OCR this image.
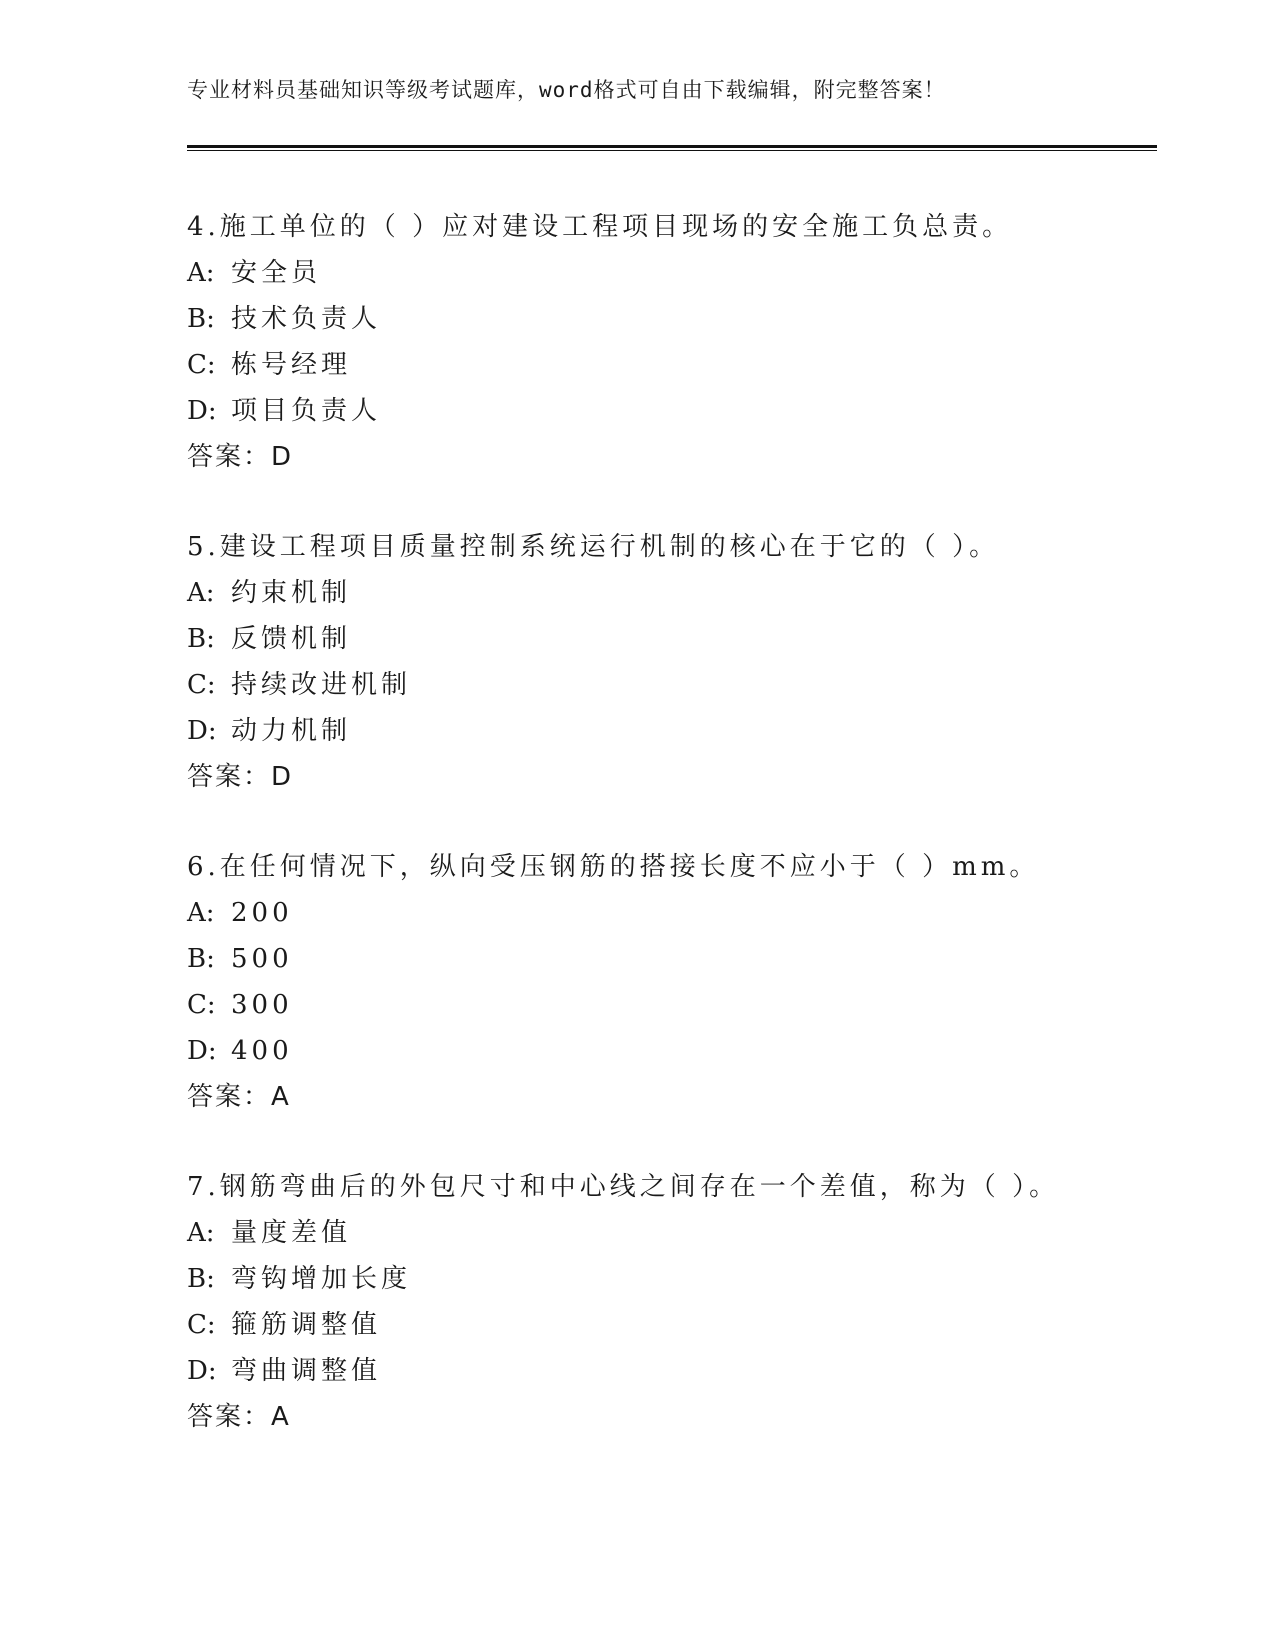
专业材料员基础知识等级考试题库，word格式可自由下载编辑，附完整答案！
4.施工单位的（ ）应对建设工程项目现场的安全施工负总责。
A: 安全员
B: 技术负责人
C: 栋号经理
D: 项目负责人
答案：D
5.建设工程项目质量控制系统运行机制的核心在于它的（ ）。
A: 约束机制
B: 反馈机制
C: 持续改进机制
D: 动力机制
答案：D
6.在任何情况下，纵向受压钢筋的搭接长度不应小于（ ）mm。
A: 200
B: 500
C: 300
D: 400
答案：A
7.钢筋弯曲后的外包尺寸和中心线之间存在一个差值，称为（ ）。
A: 量度差值
B: 弯钩增加长度
C: 箍筋调整值
D: 弯曲调整值
答案：A
